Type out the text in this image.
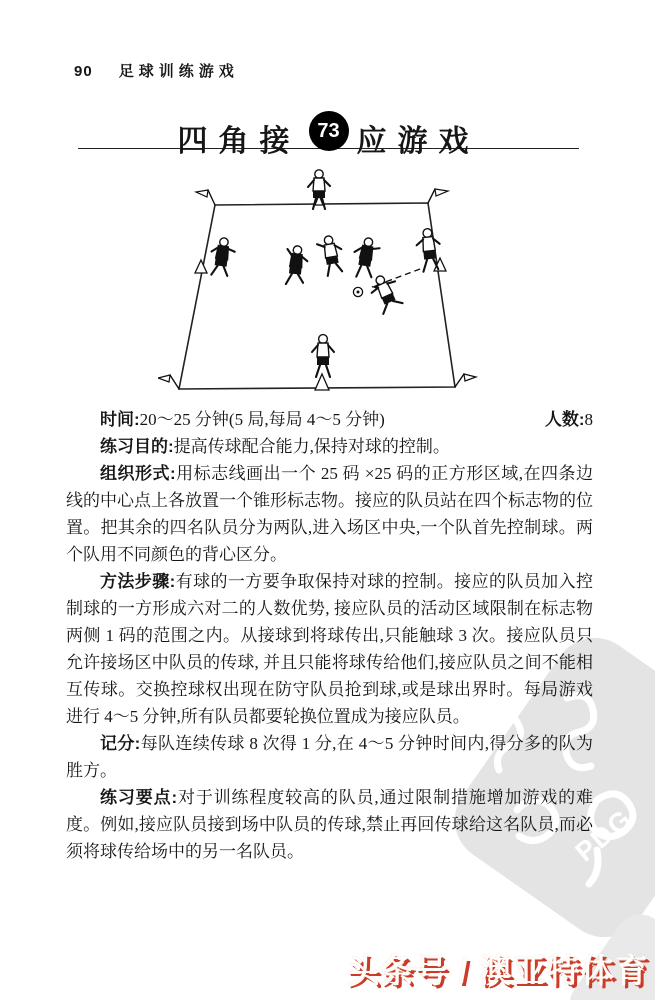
PDG
90 足球训练游戏
四角接 73 应游戏

时间:20～25 分钟(5 局,每局 4～5 分钟)	人数:8

练习目的:提高传球配合能力,保持对球的控制。

组织形式:用标志线画出一个 25 码 ×25 码的正方形区域,在四条边线的中心点上各放置一个锥形标志物。接应的队员站在四个标志物的位置。把其余的四名队员分为两队,进入场区中央,一个队首先控制球。两个队用不同颜色的背心区分。

方法步骤:有球的一方要争取保持对球的控制。接应的队员加入控制球的一方形成六对二的人数优势, 接应队员的活动区域限制在标志物两侧 1 码的范围之内。从接球到将球传出,只能触球 3 次。接应队员只允许接场区中队员的传球, 并且只能将球传给他们,接应队员之间不能相互传球。交换控球权出现在防守队员抢到球,或是球出界时。每局游戏进行 4～5 分钟,所有队员都要轮换位置成为接应队员。

记分:每队连续传球 8 次得 1 分,在 4～5 分钟时间内,得分多的队为胜方。

练习要点:对于训练程度较高的队员,通过限制措施增加游戏的难度。例如,接应队员接到场中队员的传球,禁止再回传球给这名队员,而必须将球传给场中的另一名队员。

头条号 / 澳亚特体育
